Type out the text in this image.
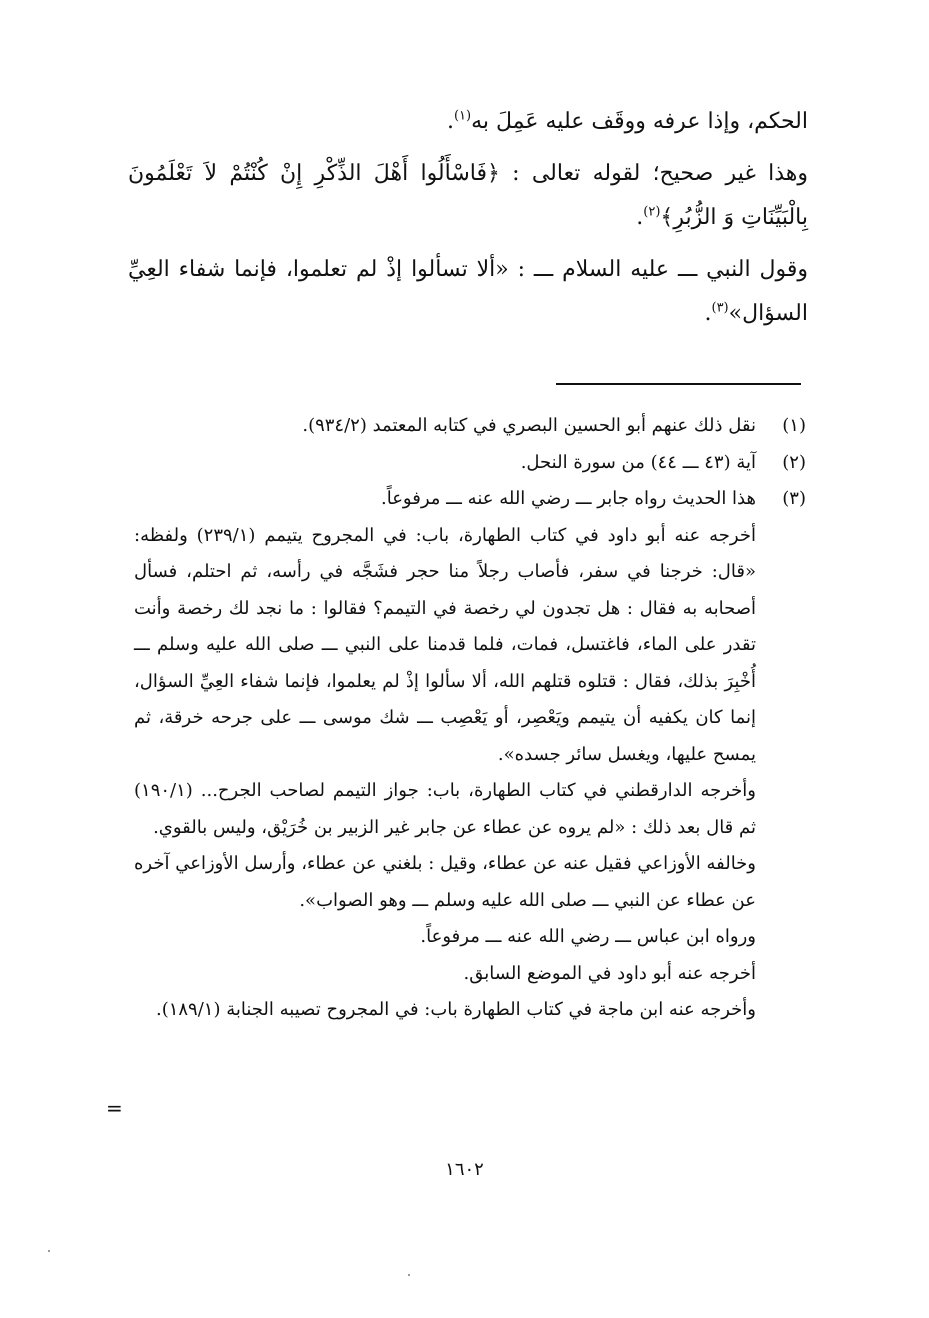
الحكم، وإذا عرفه ووقَف عليه عَمِلَ به$^{(١)}$.

وهذا غير صحيح؛ لقوله تعالى : ﴿فَاسْأَلُوا أَهْلَ الذِّكْرِ إِنْ كُنْتُمْ لاَ تَعْلَمُونَ بِالْبَيِّنَاتِ وَ الزُّبُرِ﴾$^{(٢)}$.

وقول النبي ـــ عليه السلام ـــ : «ألا تسألوا إذْ لم تعلموا، فإنما شفاء العِيِّ السؤال»$^{(٣)}$.

(١)
نقل ذلك عنهم أبو الحسين البصري في كتابه المعتمد (٩٣٤/٢).
(٢)
آية (٤٣ ـــ ٤٤) من سورة النحل.
(٣)
هذا الحديث رواه جابر ـــ رضي الله عنه ـــ مرفوعاً.
أخرجه عنه أبو داود في كتاب الطهارة، باب: في المجروح يتيمم (٢٣٩/١) ولفظه: «قال: خرجنا في سفر، فأصاب رجلاً منا حجر فشَجَّه في رأسه، ثم احتلم، فسأل أصحابه به فقال : هل تجدون لي رخصة في التيمم؟ فقالوا : ما نجد لك رخصة وأنت تقدر على الماء، فاغتسل، فمات، فلما قدمنا على النبي ـــ صلى الله عليه وسلم ـــ أُخْبِرَ بذلك، فقال : قتلوه قتلهم الله، ألا سألوا إذْ لم يعلموا، فإنما شفاء العِيِّ السؤال، إنما كان يكفيه أن يتيمم ويَعْصِر، أو يَعْصِب ـــ شك موسى ـــ على جرحه خرقة، ثم يمسح عليها، ويغسل سائر جسده».
وأخرجه الدارقطني في كتاب الطهارة، باب: جواز التيمم لصاحب الجرح... (١٩٠/١) ثم قال بعد ذلك : «لم يروه عن عطاء عن جابر غير الزبير بن خُرَيْق، وليس بالقوي.
وخالفه الأوزاعي فقيل عنه عن عطاء، وقيل : بلغني عن عطاء، وأرسل الأوزاعي آخره عن عطاء عن النبي ـــ صلى الله عليه وسلم ـــ وهو الصواب».
ورواه ابن عباس ـــ رضي الله عنه ـــ مرفوعاً.
أخرجه عنه أبو داود في الموضع السابق.
وأخرجه عنه ابن ماجة في كتاب الطهارة باب: في المجروح تصيبه الجنابة (١٨٩/١).
=
١٦٠٢
